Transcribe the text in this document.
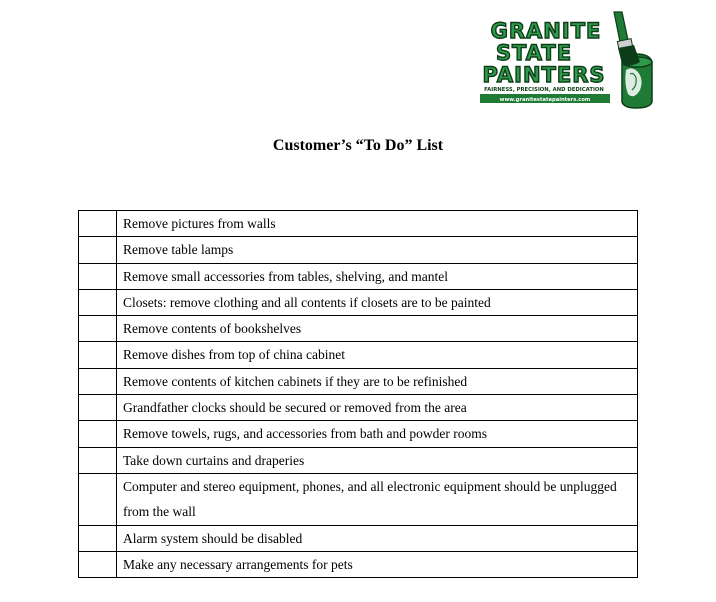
GRANITE
STATE
PAINTERS
FAIRNESS, PRECISION, AND DEDICATION
www.granitestatepainters.com
Customer’s “To Do” List
	Remove pictures from walls
	Remove table lamps
	Remove small accessories from tables, shelving, and mantel
	Closets: remove clothing and all contents if closets are to be painted
	Remove contents of bookshelves
	Remove dishes from top of china cabinet
	Remove contents of kitchen cabinets if they are to be refinished
	Grandfather clocks should be secured or removed from the area
	Remove towels, rugs, and accessories from bath and powder rooms
	Take down curtains and draperies
	Computer and stereo equipment, phones, and all electronic equipment should be unplugged from the wall
	Alarm system should be disabled
	Make any necessary arrangements for pets
